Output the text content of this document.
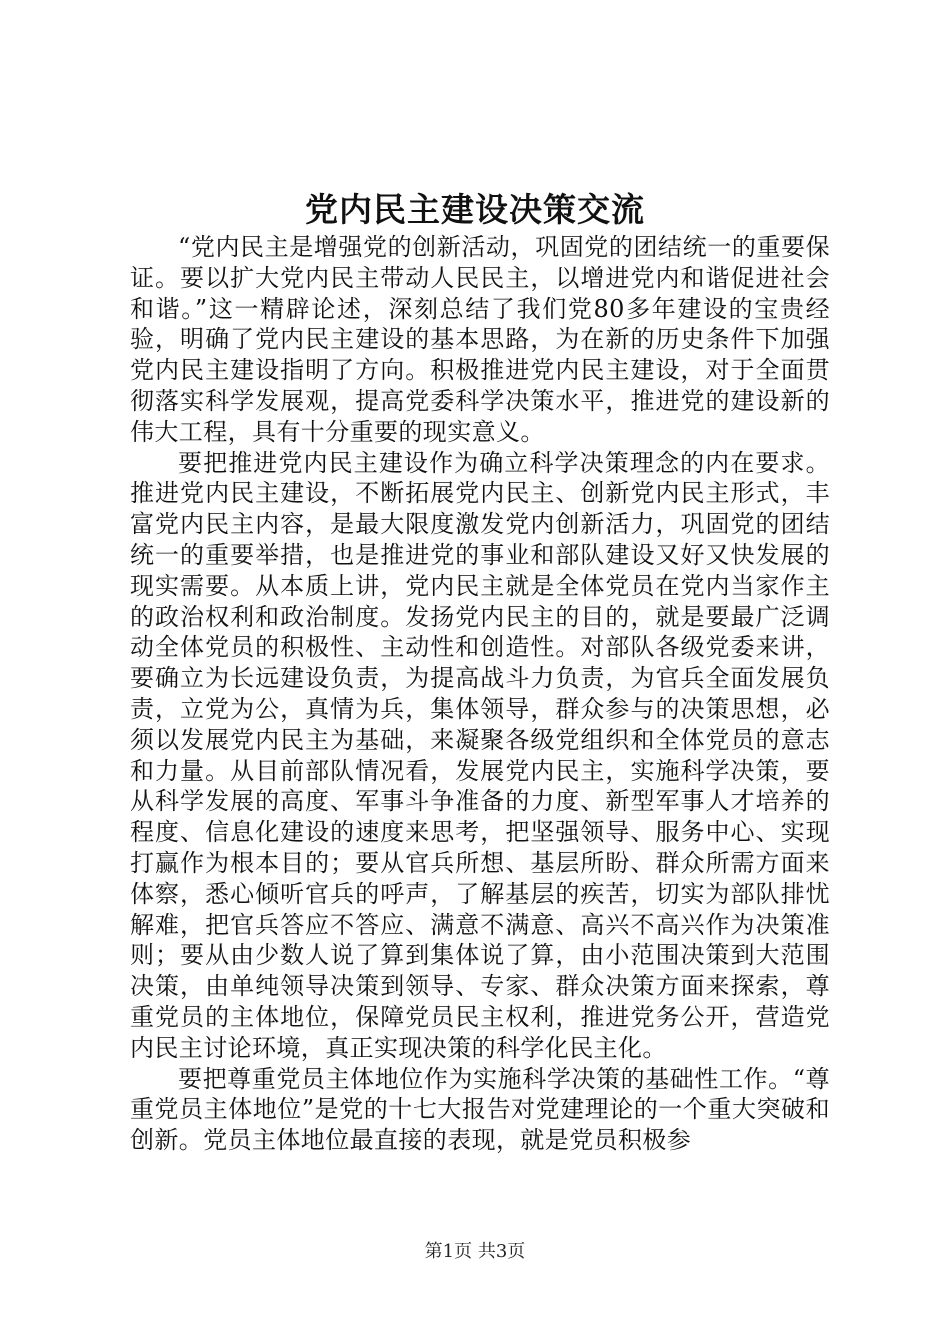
党内民主建设决策交流

“党内民主是增强党的创新活动，巩固党的团结统一的重要保证。要以扩大党内民主带动人民民主，以增进党内和谐促进社会和谐。”这一精辟论述，深刻总结了我们党80多年建设的宝贵经验，明确了党内民主建设的基本思路，为在新的历史条件下加强党内民主建设指明了方向。积极推进党内民主建设，对于全面贯彻落实科学发展观，提高党委科学决策水平，推进党的建设新的伟大工程，具有十分重要的现实意义。

要把推进党内民主建设作为确立科学决策理念的内在要求。推进党内民主建设，不断拓展党内民主、创新党内民主形式，丰富党内民主内容，是最大限度激发党内创新活力，巩固党的团结统一的重要举措，也是推进党的事业和部队建设又好又快发展的现实需要。从本质上讲，党内民主就是全体党员在党内当家作主的政治权利和政治制度。发扬党内民主的目的，就是要最广泛调动全体党员的积极性、主动性和创造性。对部队各级党委来讲，要确立为长远建设负责，为提高战斗力负责，为官兵全面发展负责，立党为公，真情为兵，集体领导，群众参与的决策思想，必须以发展党内民主为基础，来凝聚各级党组织和全体党员的意志和力量。从目前部队情况看，发展党内民主，实施科学决策，要从科学发展的高度、军事斗争准备的力度、新型军事人才培养的程度、信息化建设的速度来思考，把坚强领导、服务中心、实现打赢作为根本目的；要从官兵所想、基层所盼、群众所需方面来体察，悉心倾听官兵的呼声，了解基层的疾苦，切实为部队排忧解难，把官兵答应不答应、满意不满意、高兴不高兴作为决策准则；要从由少数人说了算到集体说了算，由小范围决策到大范围决策，由单纯领导决策到领导、专家、群众决策方面来探索，尊重党员的主体地位，保障党员民主权利，推进党务公开，营造党内民主讨论环境，真正实现决策的科学化民主化。

要把尊重党员主体地位作为实施科学决策的基础性工作。“尊重党员主体地位”是党的十七大报告对党建理论的一个重大突破和创新。党员主体地位最直接的表现，就是党员积极参

第1页 共3页
